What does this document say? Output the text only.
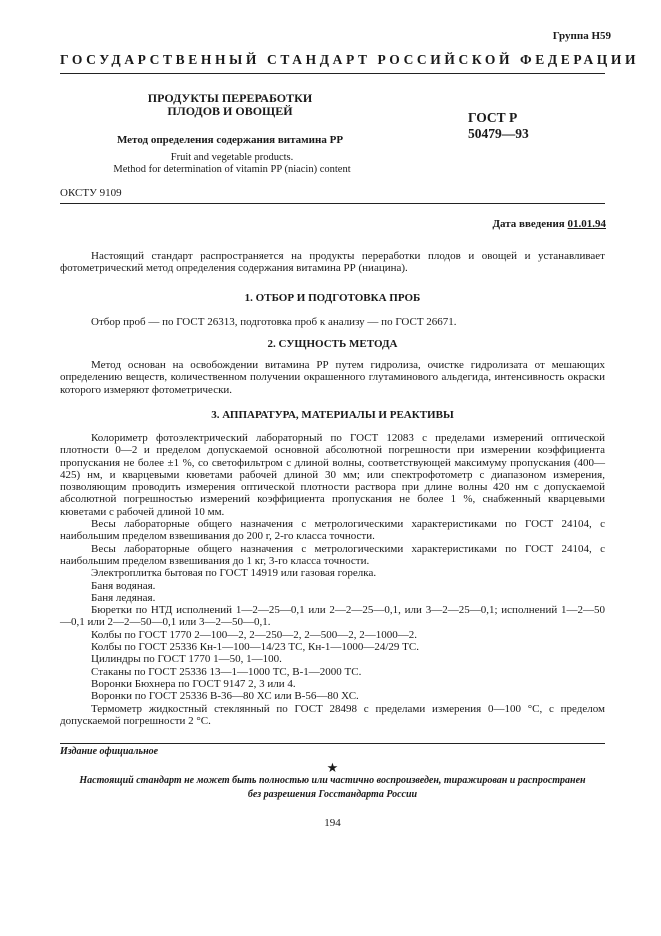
Группа Н59
ГОСУДАРСТВЕННЫЙ СТАНДАРТ РОССИЙСКОЙ ФЕДЕРАЦИИ
ПРОДУКТЫ ПЕРЕРАБОТКИ
ПЛОДОВ И ОВОЩЕЙ
Метод определения содержания витамина РР
ГОСТ Р
50479—93
Fruit and vegetable products.
Method for determination of vitamin PP (niacin) content
ОКСТУ 9109
Дата введения 01.01.94

Настоящий стандарт распространяется на продукты переработки плодов и овощей и устанавливает фотометрический метод определения содержания витамина РР (ниацина).

1. ОТБОР И ПОДГОТОВКА ПРОБ

Отбор проб — по ГОСТ 26313, подготовка проб к анализу — по ГОСТ 26671.

2. СУЩНОСТЬ МЕТОДА

Метод основан на освобождении витамина РР путем гидролиза, очистке гидролизата от мешающих определению веществ, количественном получении окрашенного глутаминового альдегида, интенсивность окраски которого измеряют фотометрически.

3. АППАРАТУРА, МАТЕРИАЛЫ И РЕАКТИВЫ

Колориметр фотоэлектрический лабораторный по ГОСТ 12083 с пределами измерений оптической плотности 0—2 и пределом допускаемой основной абсолютной погрешности при измерении коэффициента пропускания не более ±1 %, со светофильтром с длиной волны, соответствующей максимуму пропускания (400—425) нм, и кварцевыми кюветами рабочей длиной 30 мм; или спектрофотометр с диапазоном измерения, позволяющим проводить измерения оптической плотности раствора при длине волны 420 нм с допускаемой абсолютной погрешностью измерений коэффициента пропускания не более 1 %, снабженный кварцевыми кюветами с рабочей длиной 10 мм.

Весы лабораторные общего назначения с метрологическими характеристиками по ГОСТ 24104, с наибольшим пределом взвешивания до 200 г, 2-го класса точности.

Весы лабораторные общего назначения с метрологическими характеристиками по ГОСТ 24104, с наибольшим пределом взвешивания до 1 кг, 3-го класса точности.

Электроплитка бытовая по ГОСТ 14919 или газовая горелка.

Баня водяная.

Баня ледяная.

Бюретки по НТД исполнений 1—2—25—0,1 или 2—2—25—0,1, или 3—2—25—0,1; исполнений 1—2—50—0,1 или 2—2—50—0,1 или 3—2—50—0,1.

Колбы по ГОСТ 1770 2—100—2, 2—250—2, 2—500—2, 2—1000—2.

Колбы по ГОСТ 25336 Кн-1—100—14/23 ТС, Кн-1—1000—24/29 ТС.

Цилиндры по ГОСТ 1770 1—50, 1—100.

Стаканы по ГОСТ 25336 13—1—1000 ТС, В-1—2000 ТС.

Воронки Бюхнера по ГОСТ 9147 2, 3 или 4.

Воронки по ГОСТ 25336 В-36—80 ХС или В-56—80 ХС.

Термометр жидкостный стеклянный по ГОСТ 28498 с пределами измерения 0—100 °С, с пределом допускаемой погрешности 2 °С.

Издание официальное
★
Настоящий стандарт не может быть полностью или частично воспроизведен, тиражирован и распространен
без разрешения Госстандарта России
194
